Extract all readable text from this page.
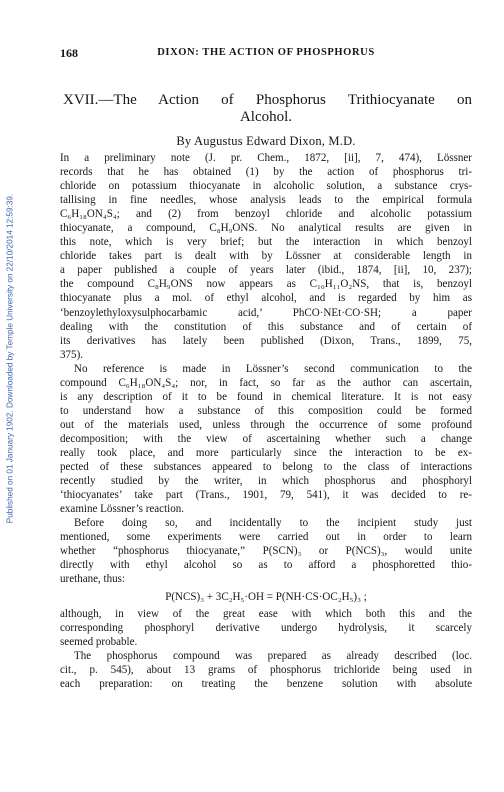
168	DIXON: THE ACTION OF PHOSPHORUS
Published on 01 January 1902. Downloaded by Temple University on 22/10/2014 12:59:39.
XVII.—The Action of Phosphorus Trithiocyanate on
Alcohol.
By Augustus Edward Dixon, M.D.
In a preliminary note (J. pr. Chem., 1872, [ii], 7, 474), Lössner
records that he has obtained (1) by the action of phosphorus tri-
chloride on potassium thiocyanate in alcoholic solution, a substance crys-
tallising in fine needles, whose analysis leads to the empirical formula
C₆H₁₈ON₄S₄; and (2) from benzoyl chloride and alcoholic potassium
thiocyanate, a compound, C₈H₉ONS. No analytical results are given in
this note, which is very brief; but the interaction in which benzoyl
chloride takes part is dealt with by Lössner at considerable length in
a paper published a couple of years later (ibid., 1874, [ii], 10, 237);
the compound C₈H₉ONS now appears as C₁₀H₁₁O₂NS, that is, benzoyl
thiocyanate plus a mol. of ethyl alcohol, and is regarded by him as
‘benzoylethyloxysulphocarbamic acid,’ PhCO·NEt·CO·SH; a paper
dealing with the constitution of this substance and of certain of
its derivatives has lately been published (Dixon, Trans., 1899, 75,
375).
No reference is made in Lössner’s second communication to the
compound C₆H₁₈ON₄S₄; nor, in fact, so far as the author can ascertain,
is any description of it to be found in chemical literature. It is not easy
to understand how a substance of this composition could be formed
out of the materials used, unless through the occurrence of some profound
decomposition; with the view of ascertaining whether such a change
really took place, and more particularly since the interaction to be ex-
pected of these substances appeared to belong to the class of interactions
recently studied by the writer, in which phosphorus and phosphoryl
‘thiocyanates’ take part (Trans., 1901, 79, 541), it was decided to re-
examine Lössner’s reaction.
Before doing so, and incidentally to the incipient study just
mentioned, some experiments were carried out in order to learn
whether “phosphorus thiocyanate,” P(SCN)₃ or P(NCS)₃, would unite
directly with ethyl alcohol so as to afford a phosphoretted thio-
urethane, thus:
P(NCS)₃ + 3C₂H₅·OH = P(NH·CS·OC₂H₅)₃ ;
although, in view of the great ease with which both this and the
corresponding phosphoryl derivative undergo hydrolysis, it scarcely
seemed probable.
The phosphorus compound was prepared as already described (loc.
cit., p. 545), about 13 grams of phosphorus trichloride being used in
each preparation: on treating the benzene solution with absolute
